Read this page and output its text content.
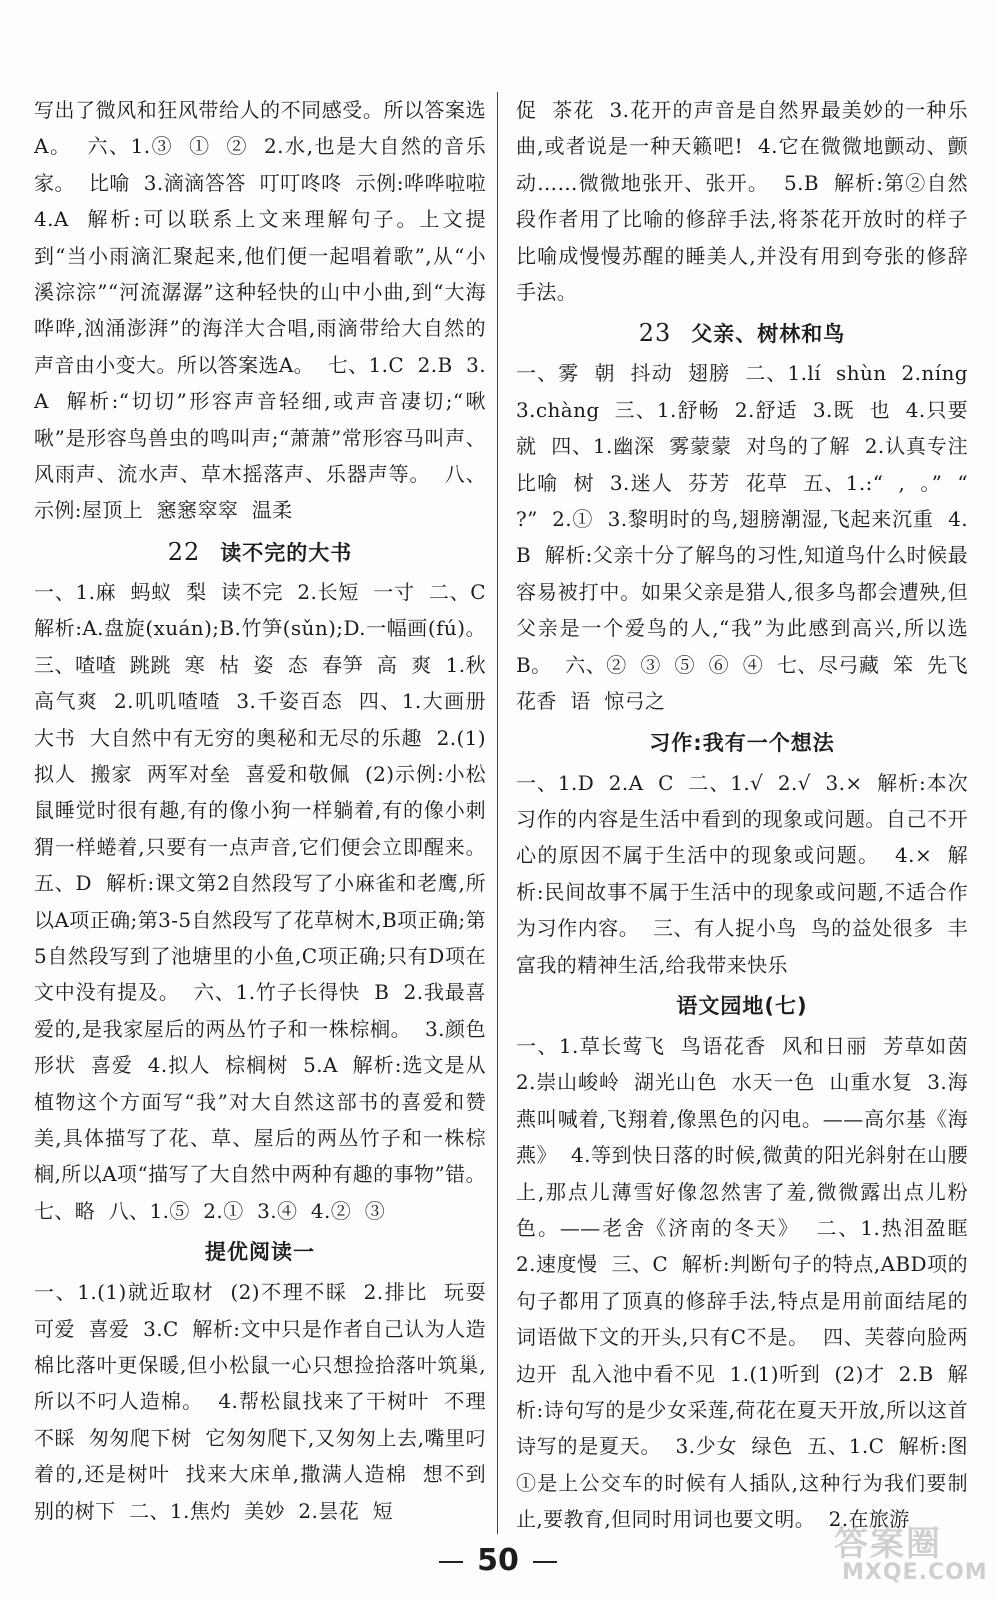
写出了微风和狂风带给人的不同感受。所以答案选A。  六、1.③  ①  ②  2.水,也是大自然的音乐家。  比喻  3.滴滴答答  叮叮咚咚  示例:哗哗啦啦  4.A  解析:可以联系上文来理解句子。上文提到“当小雨滴汇聚起来,他们便一起唱着歌”,从“小溪淙淙”“河流潺潺”这种轻快的山中小曲,到“大海哗哗,汹涌澎湃”的海洋大合唱,雨滴带给大自然的声音由小变大。所以答案选A。  七、1.C  2.B  3.A  解析:“切切”形容声音轻细,或声音凄切;“啾啾”是形容鸟兽虫的鸣叫声;“萧萧”常形容马叫声、风雨声、流水声、草木摇落声、乐器声等。  八、示例:屋顶上  窸窸窣窣  温柔

22 读不完的大书

一、1.麻  蚂蚁  梨  读不完  2.长短  一寸  二、C  解析:A.盘旋(xuán);B.竹笋(sǔn);D.一幅画(fú)。  三、喳喳  跳跳  寒  枯  姿  态  春笋  高  爽  1.秋高气爽  2.叽叽喳喳  3.千姿百态  四、1.大画册  大书  大自然中有无穷的奥秘和无尽的乐趣  2.(1)拟人  搬家  两军对垒  喜爱和敬佩  (2)示例:小松鼠睡觉时很有趣,有的像小狗一样躺着,有的像小刺猬一样蜷着,只要有一点声音,它们便会立即醒来。  五、D  解析:课文第2自然段写了小麻雀和老鹰,所以A项正确;第3-5自然段写了花草树木,B项正确;第5自然段写到了池塘里的小鱼,C项正确;只有D项在文中没有提及。  六、1.竹子长得快  B  2.我最喜爱的,是我家屋后的两丛竹子和一株棕榈。  3.颜色  形状  喜爱  4.拟人  棕榈树  5.A  解析:选文是从植物这个方面写“我”对大自然这部书的喜爱和赞美,具体描写了花、草、屋后的两丛竹子和一株棕榈,所以A项“描写了大自然中两种有趣的事物”错。  七、略  八、1.⑤  2.①  3.④  4.②  ③

提优阅读一

一、1.(1)就近取材  (2)不理不睬  2.排比  玩耍  可爱  喜爱  3.C  解析:文中只是作者自己认为人造棉比落叶更保暖,但小松鼠一心只想捡拾落叶筑巢,所以不叼人造棉。  4.帮松鼠找来了干树叶  不理不睬  匆匆爬下树  它匆匆爬下,又匆匆上去,嘴里叼着的,还是树叶  找来大床单,撒满人造棉  想不到  别的树下  二、1.焦灼  美妙  2.昙花  短

促  茶花  3.花开的声音是自然界最美妙的一种乐曲,或者说是一种天籁吧!  4.它在微微地颤动、颤动……微微地张开、张开。  5.B  解析:第②自然段作者用了比喻的修辞手法,将茶花开放时的样子比喻成慢慢苏醒的睡美人,并没有用到夸张的修辞手法。

23 父亲、树林和鸟

一、雾  朝  抖动  翅膀  二、1.lí  shùn  2.níng  3.chàng  三、1.舒畅  2.舒适  3.既  也  4.只要  就  四、1.幽深  雾蒙蒙  对鸟的了解  2.认真专注  比喻  树  3.迷人  芬芳  花草  五、1.:“  ,  。”  “  ?”  2.①  3.黎明时的鸟,翅膀潮湿,飞起来沉重  4.B  解析:父亲十分了解鸟的习性,知道鸟什么时候最容易被打中。如果父亲是猎人,很多鸟都会遭殃,但父亲是一个爱鸟的人,“我”为此感到高兴,所以选B。  六、②  ③  ⑤  ⑥  ④  七、尽弓藏  笨  先飞  花香  语  惊弓之

习作:我有一个想法

一、1.D  2.A  C  二、1.√  2.√  3.×  解析:本次习作的内容是生活中看到的现象或问题。自己不开心的原因不属于生活中的现象或问题。  4.×  解析:民间故事不属于生活中的现象或问题,不适合作为习作内容。  三、有人捉小鸟  鸟的益处很多  丰富我的精神生活,给我带来快乐

语文园地(七)

一、1.草长莺飞  鸟语花香  风和日丽  芳草如茵  2.崇山峻岭  湖光山色  水天一色  山重水复  3.海燕叫喊着,飞翔着,像黑色的闪电。——高尔基《海燕》  4.等到快日落的时候,微黄的阳光斜射在山腰上,那点儿薄雪好像忽然害了羞,微微露出点儿粉色。——老舍《济南的冬天》  二、1.热泪盈眶  2.速度慢  三、C  解析:判断句子的特点,ABD项的句子都用了顶真的修辞手法,特点是用前面结尾的词语做下文的开头,只有C不是。  四、芙蓉向脸两边开  乱入池中看不见  1.(1)听到  (2)才  2.B  解析:诗句写的是少女采莲,荷花在夏天开放,所以这首诗写的是夏天。  3.少女  绿色  五、1.C  解析:图①是上公交车的时候有人插队,这种行为我们要制止,要教育,但同时用词也要文明。  2.在旅游

50	答案圈
MXQE.COM
